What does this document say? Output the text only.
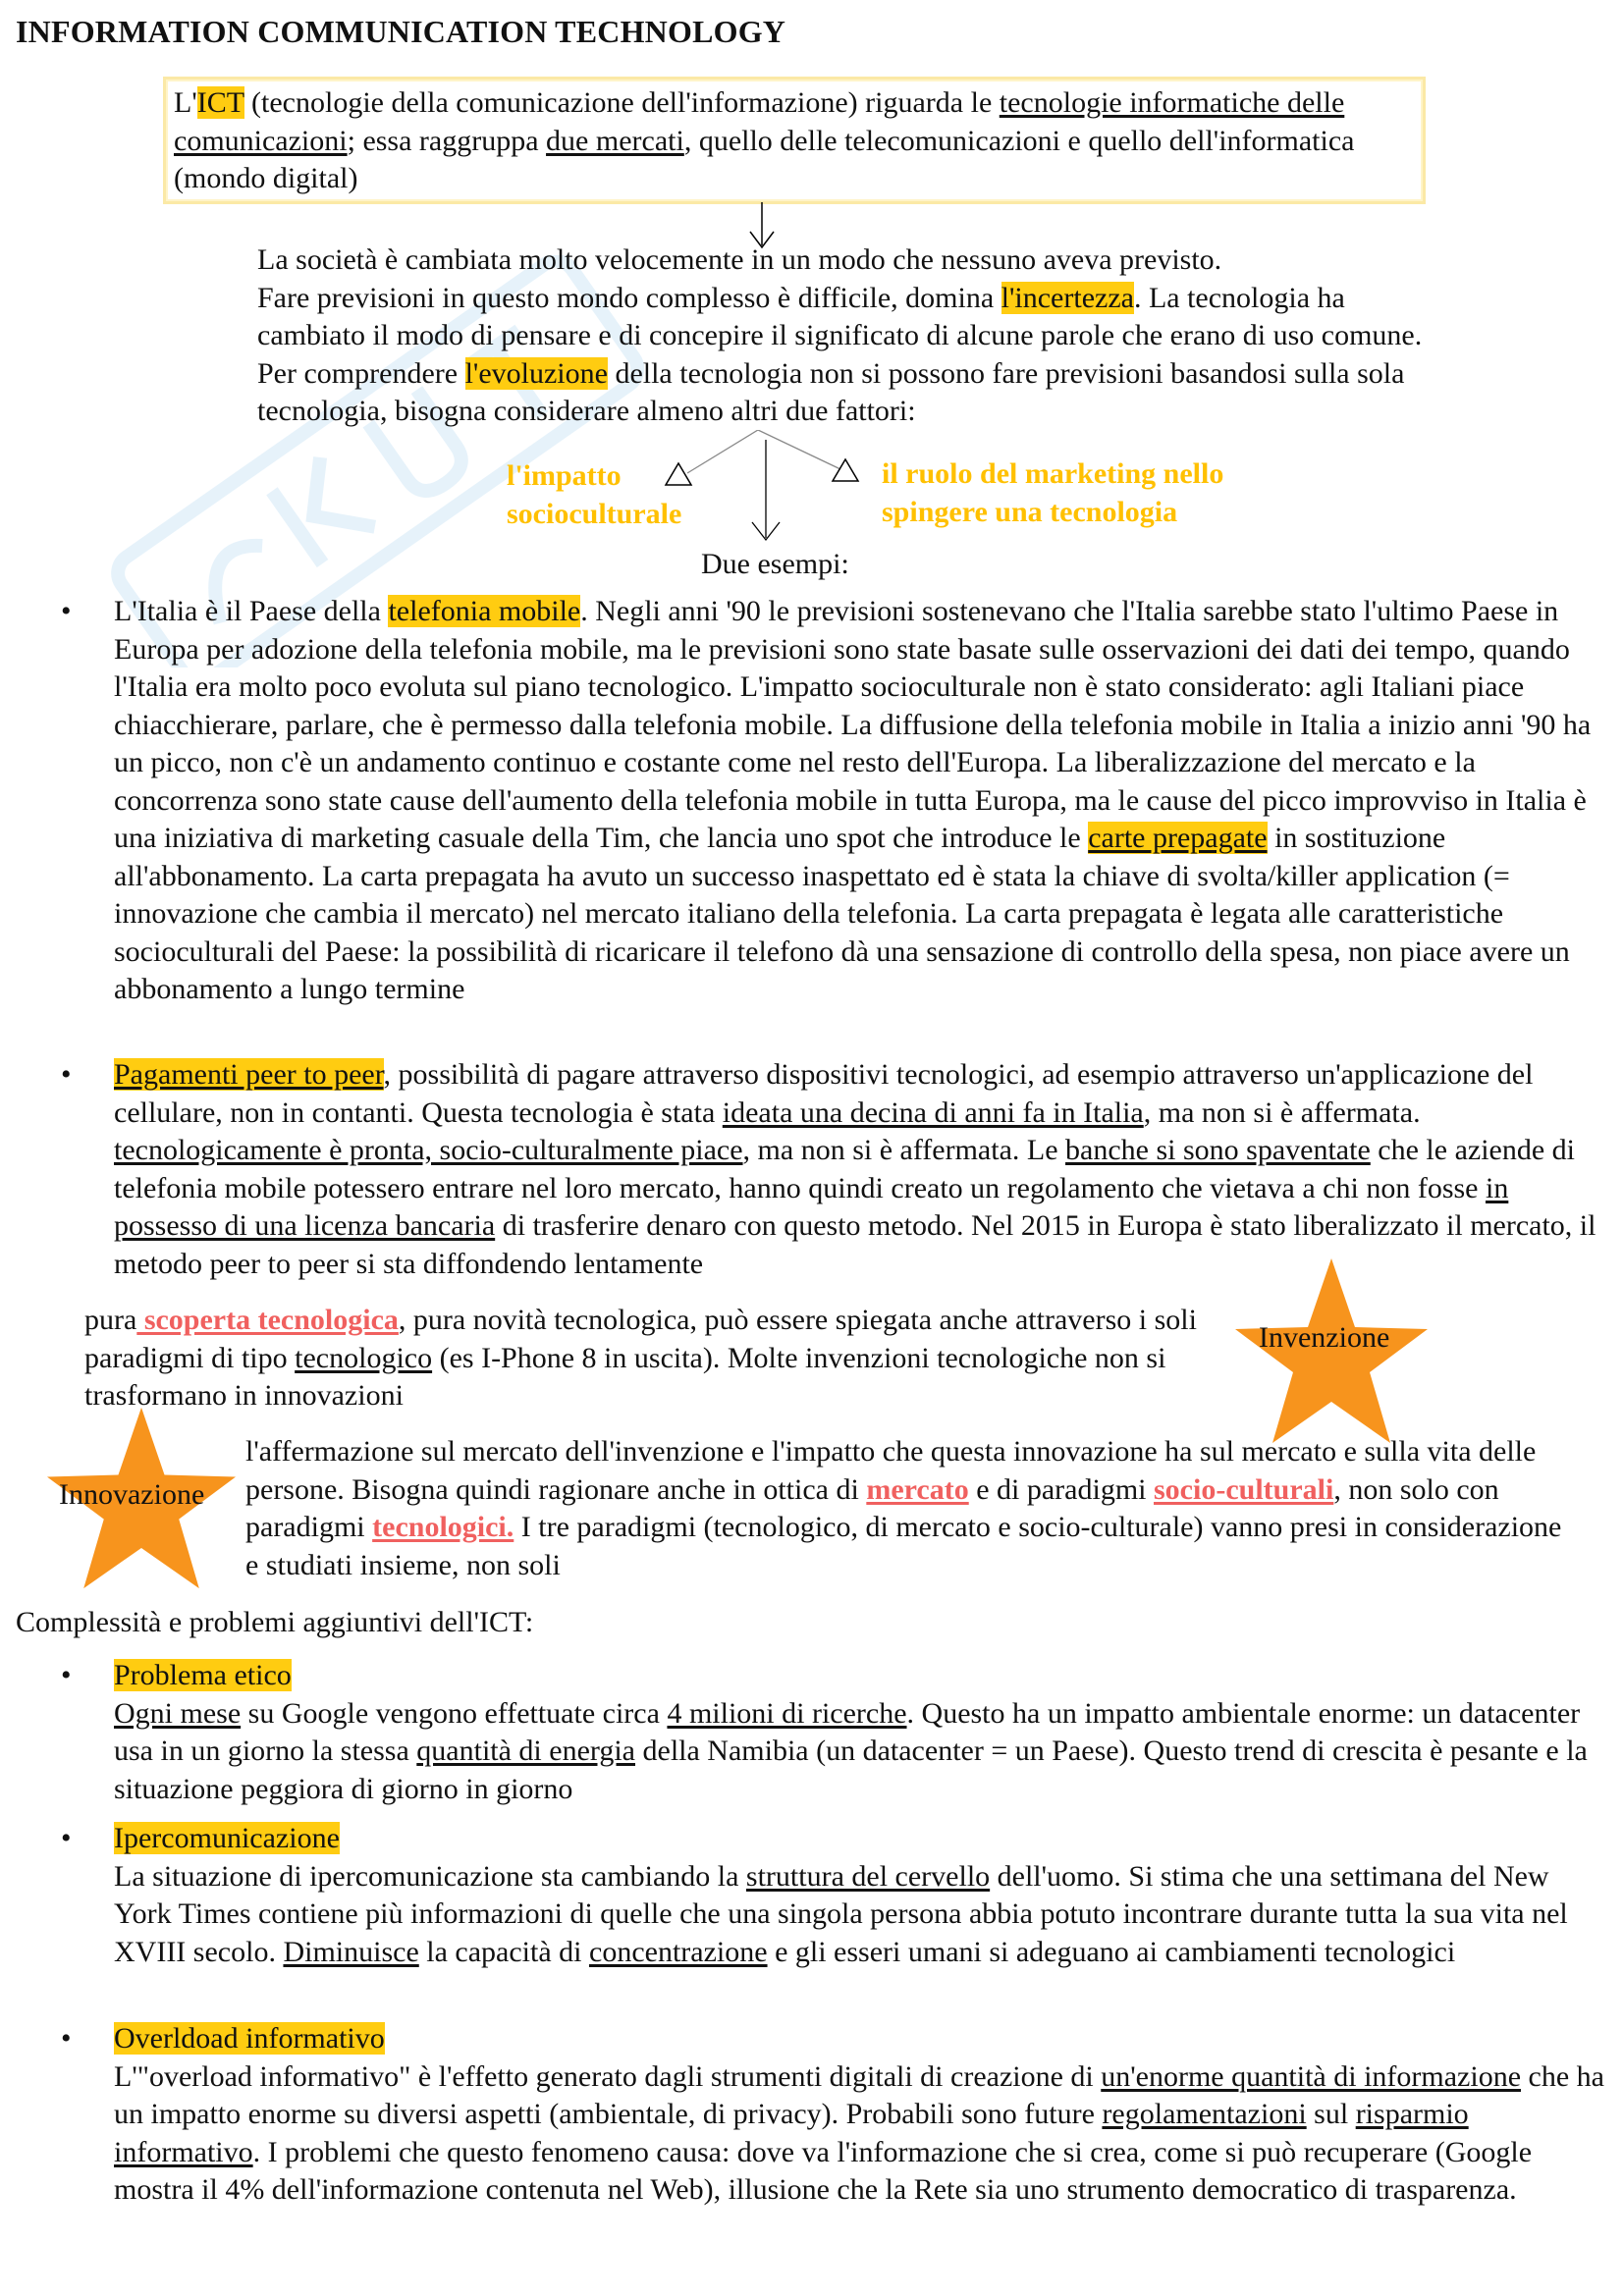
INFORMATION COMMUNICATION TECHNOLOGY
L'ICT (tecnologie della comunicazione dell'informazione) riguarda le tecnologie informatiche delle comunicazioni; essa raggruppa due mercati, quello delle telecomunicazioni e quello dell'informatica (mondo digital)
La società è cambiata molto velocemente in un modo che nessuno aveva previsto.
Fare previsioni in questo mondo complesso è difficile, domina l'incertezza. La tecnologia ha cambiato il modo di pensare e di concepire il significato di alcune parole che erano di uso comune. Per comprendere l'evoluzione della tecnologia non si possono fare previsioni basandosi sulla sola tecnologia, bisogna considerare almeno altri due fattori:
l'impatto socioculturale
il ruolo del marketing nello spingere una tecnologia
Due esempi:
• L'Italia è il Paese della telefonia mobile. Negli anni '90 le previsioni sostenevano che l'Italia sarebbe stato l'ultimo Paese in Europa per adozione della telefonia mobile, ma le previsioni sono state basate sulle osservazioni dei dati dei tempo, quando l'Italia era molto poco evoluta sul piano tecnologico. L'impatto socioculturale non è stato considerato: agli Italiani piace chiacchierare, parlare, che è permesso dalla telefonia mobile. La diffusione della telefonia mobile in Italia a inizio anni '90 ha un picco, non c'è un andamento continuo e costante come nel resto dell'Europa. La liberalizzazione del mercato e la concorrenza sono state cause dell'aumento della telefonia mobile in tutta Europa, ma le cause del picco improvviso in Italia è una iniziativa di marketing casuale della Tim, che lancia uno spot che introduce le carte prepagate in sostituzione all'abbonamento. La carta prepagata ha avuto un successo inaspettato ed è stata la chiave di svolta/killer application (= innovazione che cambia il mercato) nel mercato italiano della telefonia. La carta prepagata è legata alle caratteristiche socioculturali del Paese: la possibilità di ricaricare il telefono dà una sensazione di controllo della spesa, non piace avere un abbonamento a lungo termine
• Pagamenti peer to peer, possibilità di pagare attraverso dispositivi tecnologici, ad esempio attraverso un'applicazione del cellulare, non in contanti. Questa tecnologia è stata ideata una decina di anni fa in Italia, ma non si è affermata. tecnologicamente è pronta, socio-culturalmente piace, ma non si è affermata. Le banche si sono spaventate che le aziende di telefonia mobile potessero entrare nel loro mercato, hanno quindi creato un regolamento che vietava a chi non fosse in possesso di una licenza bancaria di trasferire denaro con questo metodo. Nel 2015 in Europa è stato liberalizzato il mercato, il metodo peer to peer si sta diffondendo lentamente
pura scoperta tecnologica, pura novità tecnologica, può essere spiegata anche attraverso i soli paradigmi di tipo tecnologico (es I-Phone 8 in uscita). Molte invenzioni tecnologiche non si trasformano in innovazioni
Invenzione
Innovazione
l'affermazione sul mercato dell'invenzione e l'impatto che questa innovazione ha sul mercato e sulla vita delle persone. Bisogna quindi ragionare anche in ottica di mercato e di paradigmi socio-culturali, non solo con paradigmi tecnologici. I tre paradigmi (tecnologico, di mercato e socio-culturale) vanno presi in considerazione e studiati insieme, non soli
Complessità e problemi aggiuntivi dell'ICT:
• Problema etico
Ogni mese su Google vengono effettuate circa 4 milioni di ricerche. Questo ha un impatto ambientale enorme: un datacenter usa in un giorno la stessa quantità di energia della Namibia (un datacenter = un Paese). Questo trend di crescita è pesante e la situazione peggiora di giorno in giorno
• Ipercomunicazione
La situazione di ipercomunicazione sta cambiando la struttura del cervello dell'uomo. Si stima che una settimana del New York Times contiene più informazioni di quelle che una singola persona abbia potuto incontrare durante tutta la sua vita nel XVIII secolo. Diminuisce la capacità di concentrazione e gli esseri umani si adeguano ai cambiamenti tecnologici
• Overldoad informativo
L'"overload informativo" è l'effetto generato dagli strumenti digitali di creazione di un'enorme quantità di informazione che ha un impatto enorme su diversi aspetti (ambientale, di privacy). Probabili sono future regolamentazioni sul risparmio informativo. I problemi che questo fenomeno causa: dove va l'informazione che si crea, come si può recuperare (Google mostra il 4% dell'informazione contenuta nel Web), illusione che la Rete sia uno strumento democratico di trasparenza.
